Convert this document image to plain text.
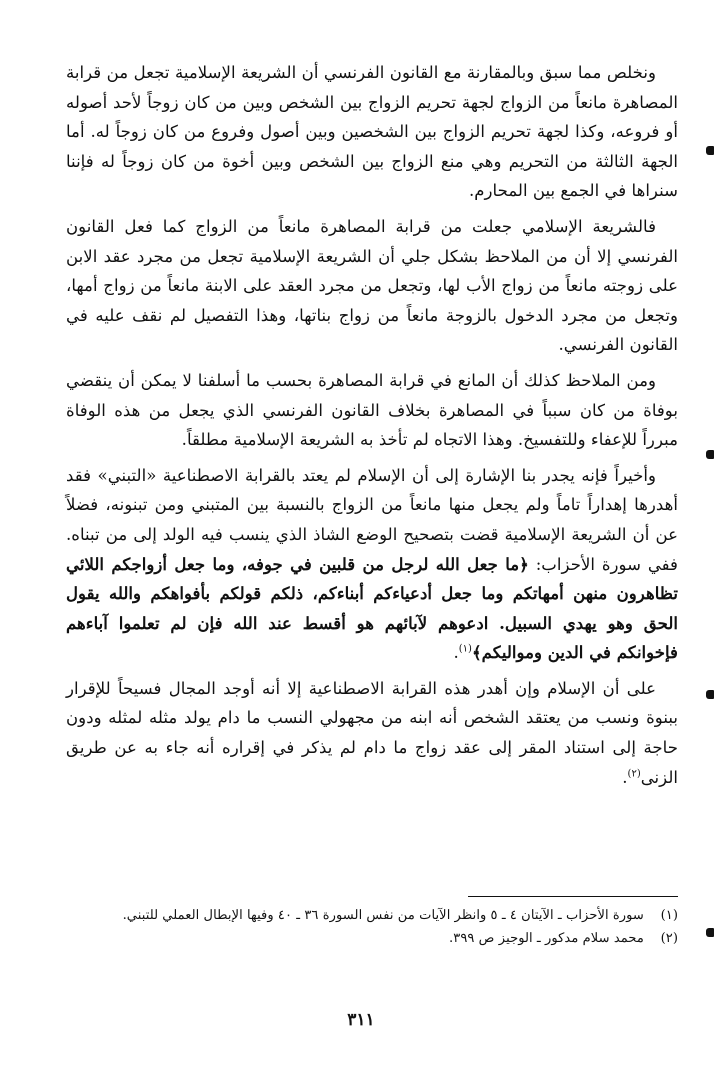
ونخلص مما سبق وبالمقارنة مع القانون الفرنسي أن الشريعة الإسلامية تجعل من قرابة المصاهرة مانعاً من الزواج لجهة تحريم الزواج بين الشخص وبين من كان زوجاً لأحد أصوله أو فروعه، وكذا لجهة تحريم الزواج بين الشخصين وبين أصول وفروع من كان زوجاً له. أما الجهة الثالثة من التحريم وهي منع الزواج بين الشخص وبين أخوة من كان زوجاً له فإننا سنراها في الجمع بين المحارم.

فالشريعة الإسلامي جعلت من قرابة المصاهرة مانعاً من الزواج كما فعل القانون الفرنسي إلا أن من الملاحظ بشكل جلي أن الشريعة الإسلامية تجعل من مجرد عقد الابن على زوجته مانعاً من زواج الأب لها، وتجعل من مجرد العقد على الابنة مانعاً من زواج أمها، وتجعل من مجرد الدخول بالزوجة مانعاً من زواج بناتها، وهذا التفصيل لم نقف عليه في القانون الفرنسي.

ومن الملاحظ كذلك أن المانع في قرابة المصاهرة بحسب ما أسلفنا لا يمكن أن ينقضي بوفاة من كان سبباً في المصاهرة بخلاف القانون الفرنسي الذي يجعل من هذه الوفاة مبرراً للإعفاء وللتفسيخ. وهذا الاتجاه لم تأخذ به الشريعة الإسلامية مطلقاً.

وأخيراً فإنه يجدر بنا الإشارة إلى أن الإسلام لم يعتد بالقرابة الاصطناعية «التبني» فقد أهدرها إهداراً تاماً ولم يجعل منها مانعاً من الزواج بالنسبة بين المتبني ومن تبنونه، فضلاً عن أن الشريعة الإسلامية قضت بتصحيح الوضع الشاذ الذي ينسب فيه الولد إلى من تبناه. ففي سورة الأحزاب: ﴿ما جعل الله لرجل من قلبين في جوفه، وما جعل أزواجكم اللائي تظاهرون منهن أمهاتكم وما جعل أدعياءكم أبناءكم، ذلكم قولكم بأفواهكم والله يقول الحق وهو يهدي السبيل. ادعوهم لآبائهم هو أقسط عند الله فإن لم تعلموا آباءهم فإخوانكم في الدين ومواليكم﴾$^{(١)}$.

على أن الإسلام وإن أهدر هذه القرابة الاصطناعية إلا أنه أوجد المجال فسيحاً للإقرار ببنوة ونسب من يعتقد الشخص أنه ابنه من مجهولي النسب ما دام يولد مثله لمثله ودون حاجة إلى استناد المقر إلى عقد زواج ما دام لم يذكر في إقراره أنه جاء به عن طريق الزنى$^{(٢)}$.

(١)
سورة الأحزاب ـ الآيتان ٤ ـ ٥ وانظر الآيات من نفس السورة ٣٦ ـ ٤٠ وفيها الإبطال العملي للتبني.
(٢)
محمد سلام مدكور ـ الوجيز ص ٣٩٩.
٣١١
